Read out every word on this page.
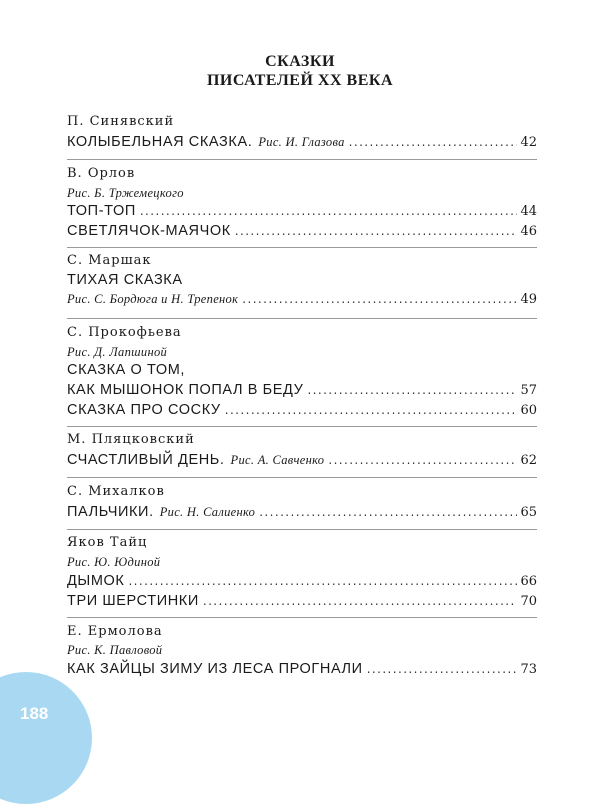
СКАЗКИ
ПИСАТЕЛЕЙ XX ВЕКА
П. Синявский
КОЛЫБЕЛЬНАЯ СКАЗКА. Рис. И. Глазова .....	42
В. Орлов
Рис. Б. Тржемецкого
ТОП-ТОП .....	44
СВЕТЛЯЧОК-МАЯЧОК .....	46
С. Маршак
ТИХАЯ СКАЗКА
Рис. С. Бордюга и Н. Трепенок .....	49
С. Прокофьева
Рис. Д. Лапшиной
СКАЗКА О ТОМ,
КАК МЫШОНОК ПОПАЛ В БЕДУ .....	57
СКАЗКА ПРО СОСКУ .....	60
М. Пляцковский
СЧАСТЛИВЫЙ ДЕНЬ. Рис. А. Савченко .....	62
С. Михалков
ПАЛЬЧИКИ. Рис. Н. Салиенко .....	65
Яков Тайц
Рис. Ю. Юдиной
ДЫМОК .....	66
ТРИ ШЕРСТИНКИ .....	70
Е. Ермолова
Рис. К. Павловой
КАК ЗАЙЦЫ ЗИМУ ИЗ ЛЕСА ПРОГНАЛИ .....	73
188
